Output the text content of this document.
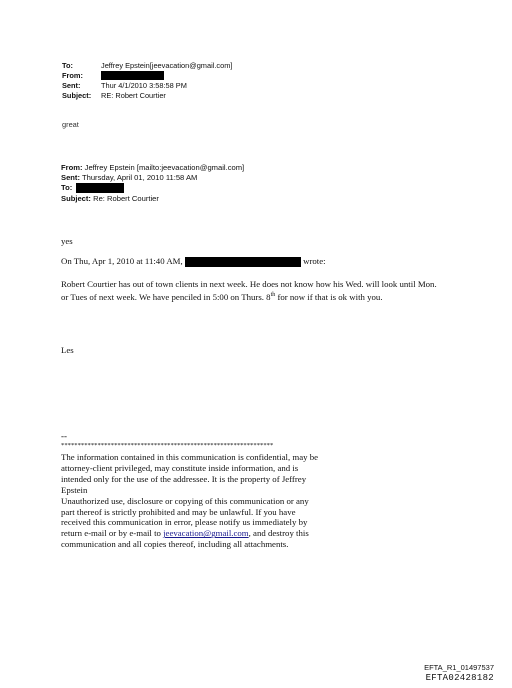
To:	Jeffrey Epstein[jeevacation@gmail.com]
From:
Sent:	Thur 4/1/2010 3:58:58 PM
Subject:	RE: Robert Courtier
great
From: Jeffrey Epstein [mailto:jeevacation@gmail.com]
Sent: Thursday, April 01, 2010 11:58 AM
To:
Subject: Re: Robert Courtier
yes
On Thu, Apr 1, 2010 at 11:40 AM,	wrote:
Robert Courtier has out of town clients in next week. He does not know how his Wed. will look until Mon. or Tues of next week. We have penciled in 5:00 on Thurs. 8th for now if that is ok with you.
Les
--
****************************************************************
The information contained in this communication is confidential, may be attorney-client privileged, may constitute inside information, and is intended only for the use of the addressee. It is the property of Jeffrey Epstein
Unauthorized use, disclosure or copying of this communication or any part thereof is strictly prohibited and may be unlawful. If you have received this communication in error, please notify us immediately by return e-mail or by e-mail to jeevacation@gmail.com, and destroy this communication and all copies thereof, including all attachments.
EFTA_R1_01497537
EFTA02428182
